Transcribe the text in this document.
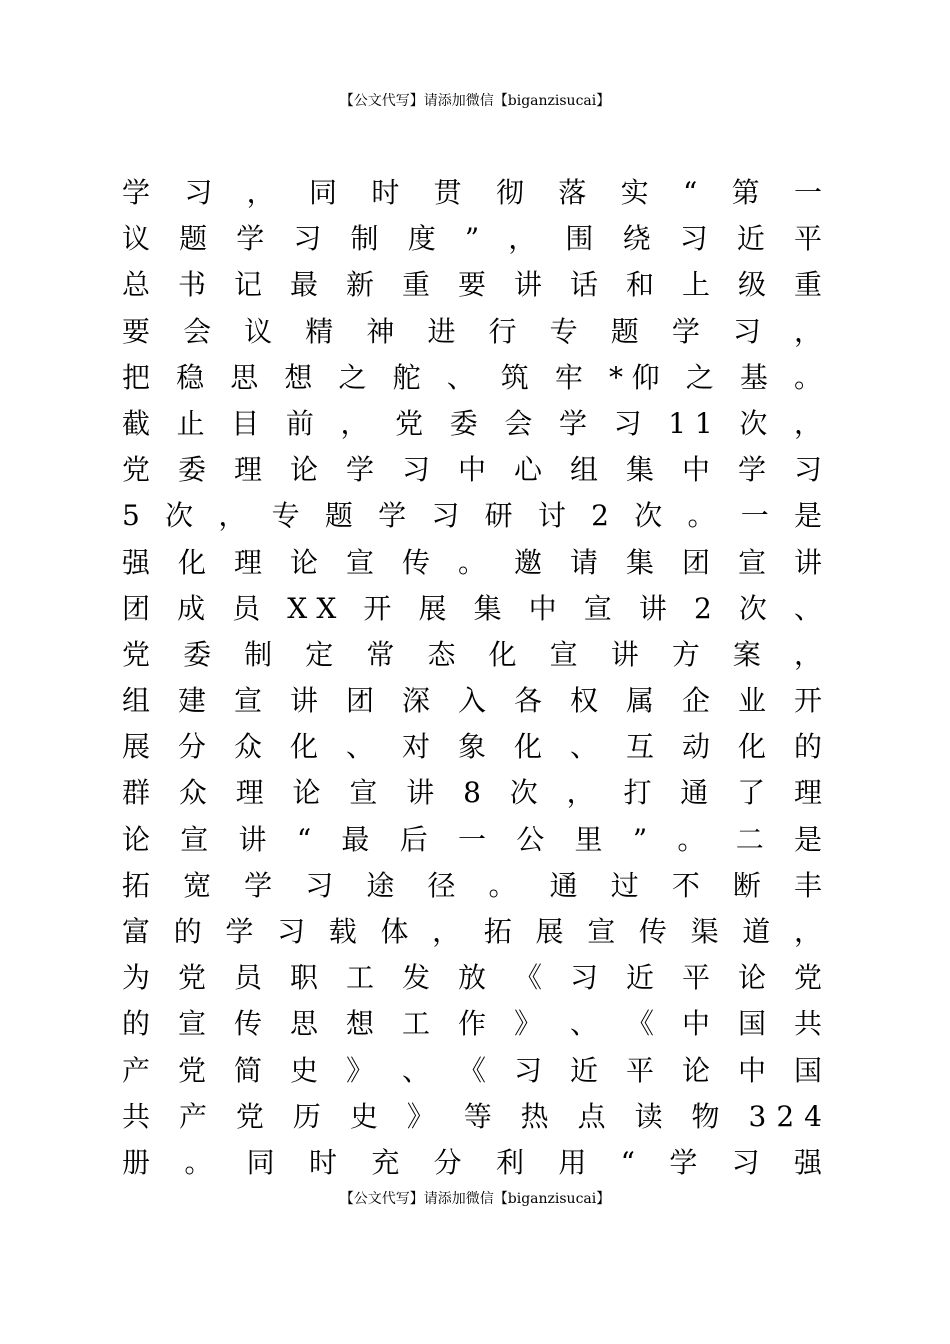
【公文代写】请添加微信【biganzisucai】
学 习 ， 同 时 贯 彻 落 实 “ 第 一
议 题 学 习 制 度 ” ， 围 绕 习 近 平
总 书 记 最 新 重 要 讲 话 和 上 级 重
要 会 议 精 神 进 行 专 题 学 习 ，
把 稳 思 想 之 舵 、 筑 牢 *仰 之 基 。
截 止 目 前 ， 党 委 会 学 习 11 次 ，
党 委 理 论 学 习 中 心 组 集 中 学 习
5 次 ， 专 题 学 习 研 讨 2 次 。 一 是
强 化 理 论 宣 传 。 邀 请 集 团 宣 讲
团 成 员 XX 开 展 集 中 宣 讲 2 次 、
党 委 制 定 常 态 化 宣 讲 方 案 ，
组 建 宣 讲 团 深 入 各 权 属 企 业 开
展 分 众 化 、 对 象 化 、 互 动 化 的
群 众 理 论 宣 讲 8 次 ， 打 通 了 理
论 宣 讲 “ 最 后 一 公 里 ” 。 二 是
拓 宽 学 习 途 径 。 通 过 不 断 丰
富 的 学 习 载 体 ， 拓 展 宣 传 渠 道 ，
为 党 员 职 工 发 放 《 习 近 平 论 党
的 宣 传 思 想 工 作 》 、 《 中 国 共
产 党 简 史 》 、 《 习 近 平 论 中 国
共 产 党 历 史 》 等 热 点 读 物 324
册 。 同 时 充 分 利 用 “ 学 习 强
【公文代写】请添加微信【biganzisucai】
